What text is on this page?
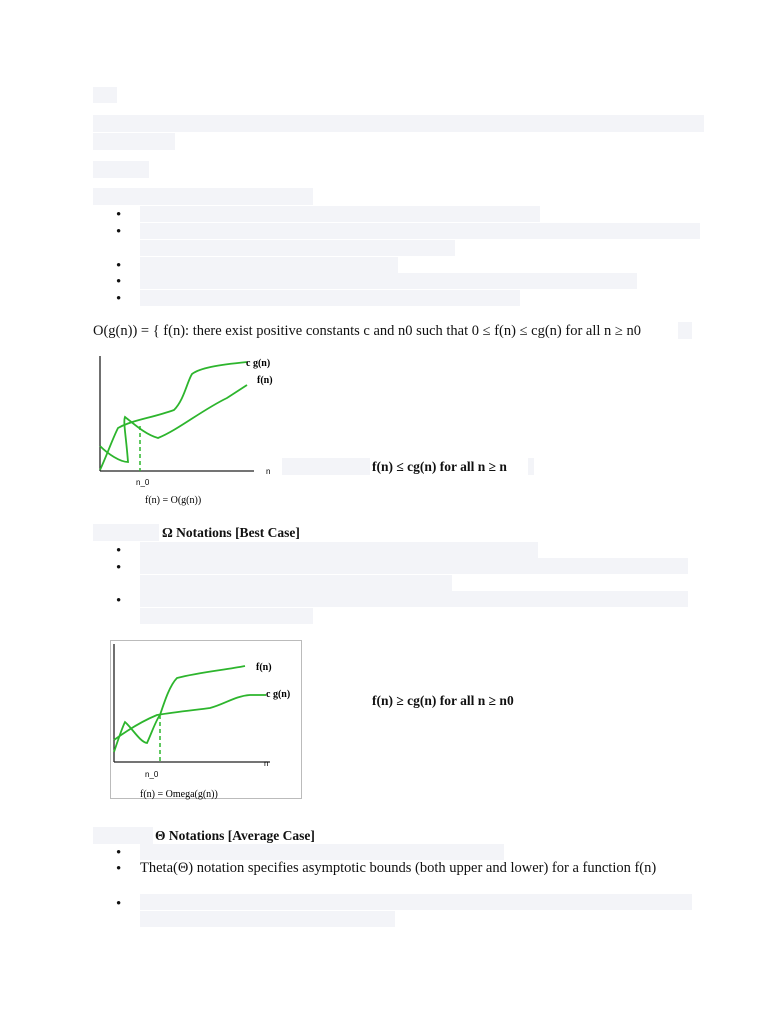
•
•
•
•
•
O(g(n)) = { f(n): there exist positive constants c and n0 such that 0 ≤ f(n) ≤ cg(n) for all n ≥ n0
c g(n)
f(n)
n
n_0
f(n) = O(g(n))
f(n) ≤ cg(n) for all n ≥ n
Ω Notations [Best Case]
•
•
•
f(n)
c g(n)
n
n_0
f(n) = Omega(g(n))
f(n) ≥ cg(n) for all n ≥ n0
Θ Notations [Average Case]
•
• Theta(Θ) notation specifies asymptotic bounds (both upper and lower) for a function f(n)
•
